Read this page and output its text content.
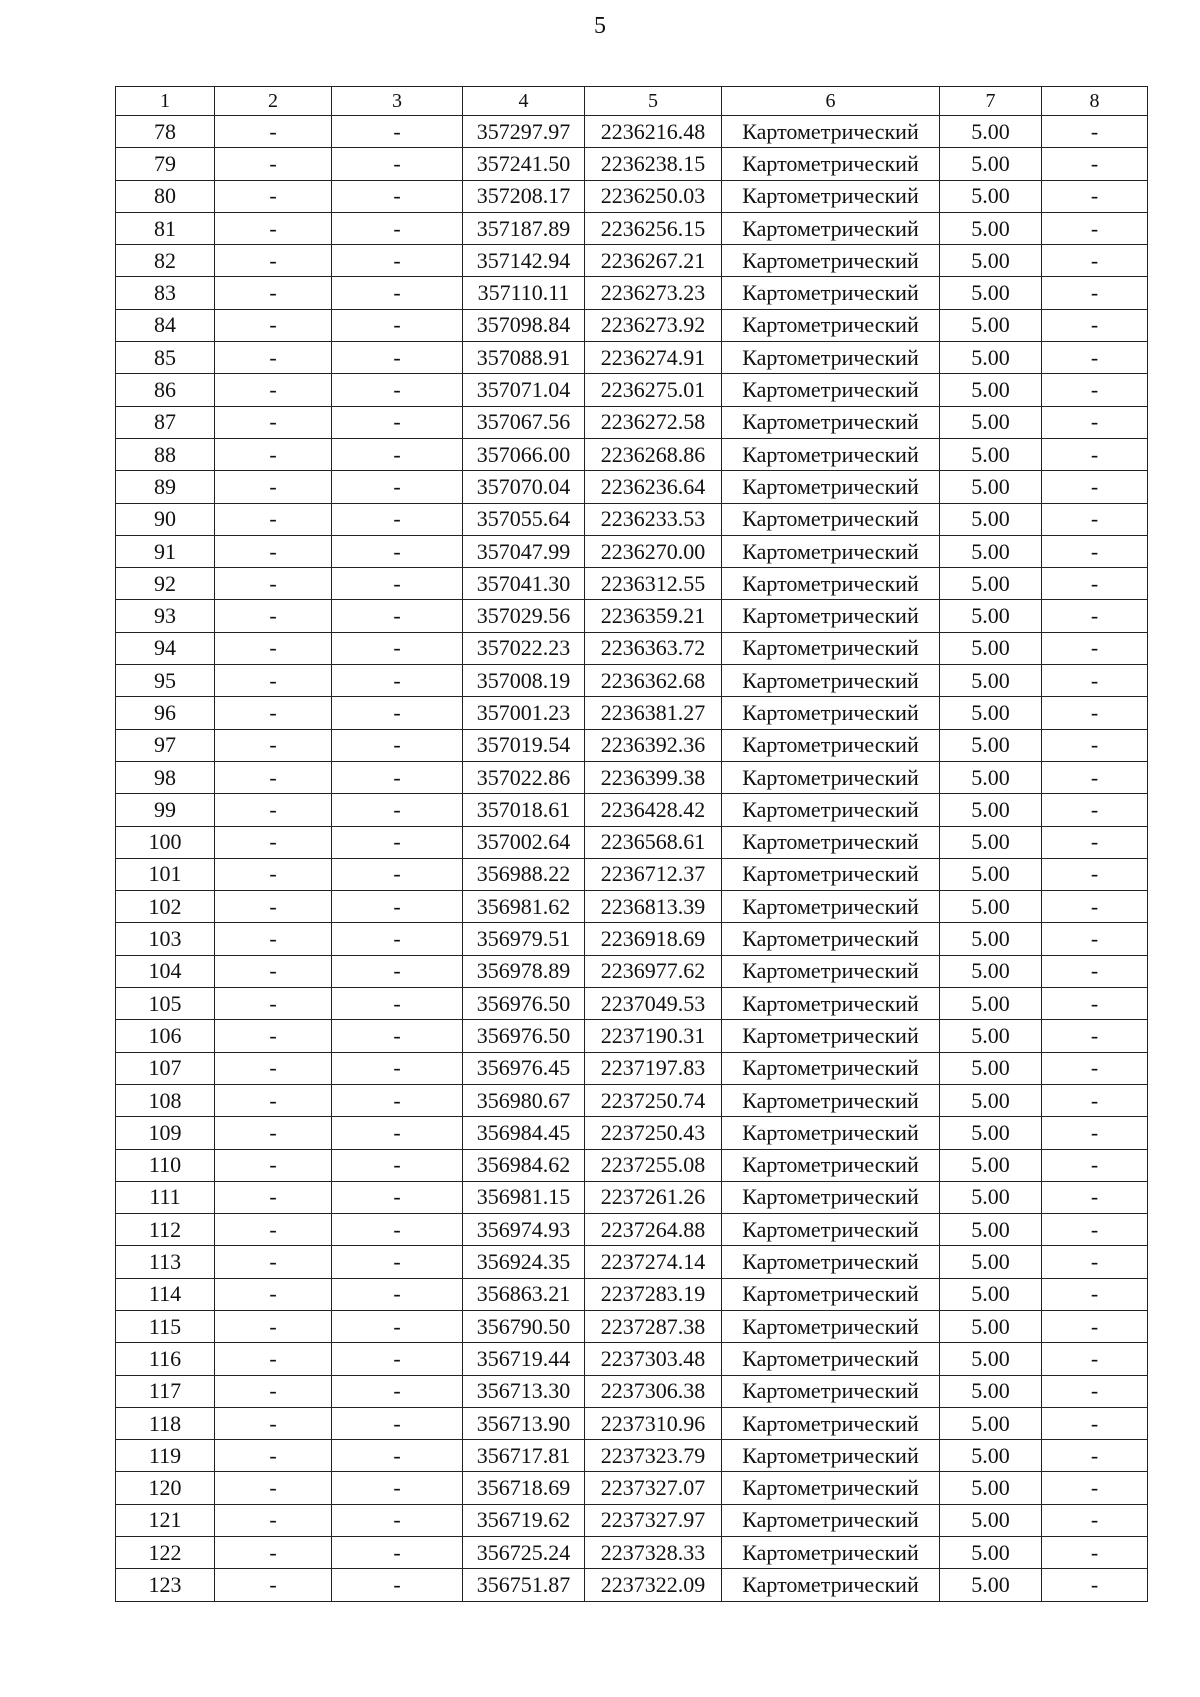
5
1	2	3	4	5	6	7	8
78	-	-	357297.97	2236216.48	Картометрический	5.00	-
79	-	-	357241.50	2236238.15	Картометрический	5.00	-
80	-	-	357208.17	2236250.03	Картометрический	5.00	-
81	-	-	357187.89	2236256.15	Картометрический	5.00	-
82	-	-	357142.94	2236267.21	Картометрический	5.00	-
83	-	-	357110.11	2236273.23	Картометрический	5.00	-
84	-	-	357098.84	2236273.92	Картометрический	5.00	-
85	-	-	357088.91	2236274.91	Картометрический	5.00	-
86	-	-	357071.04	2236275.01	Картометрический	5.00	-
87	-	-	357067.56	2236272.58	Картометрический	5.00	-
88	-	-	357066.00	2236268.86	Картометрический	5.00	-
89	-	-	357070.04	2236236.64	Картометрический	5.00	-
90	-	-	357055.64	2236233.53	Картометрический	5.00	-
91	-	-	357047.99	2236270.00	Картометрический	5.00	-
92	-	-	357041.30	2236312.55	Картометрический	5.00	-
93	-	-	357029.56	2236359.21	Картометрический	5.00	-
94	-	-	357022.23	2236363.72	Картометрический	5.00	-
95	-	-	357008.19	2236362.68	Картометрический	5.00	-
96	-	-	357001.23	2236381.27	Картометрический	5.00	-
97	-	-	357019.54	2236392.36	Картометрический	5.00	-
98	-	-	357022.86	2236399.38	Картометрический	5.00	-
99	-	-	357018.61	2236428.42	Картометрический	5.00	-
100	-	-	357002.64	2236568.61	Картометрический	5.00	-
101	-	-	356988.22	2236712.37	Картометрический	5.00	-
102	-	-	356981.62	2236813.39	Картометрический	5.00	-
103	-	-	356979.51	2236918.69	Картометрический	5.00	-
104	-	-	356978.89	2236977.62	Картометрический	5.00	-
105	-	-	356976.50	2237049.53	Картометрический	5.00	-
106	-	-	356976.50	2237190.31	Картометрический	5.00	-
107	-	-	356976.45	2237197.83	Картометрический	5.00	-
108	-	-	356980.67	2237250.74	Картометрический	5.00	-
109	-	-	356984.45	2237250.43	Картометрический	5.00	-
110	-	-	356984.62	2237255.08	Картометрический	5.00	-
111	-	-	356981.15	2237261.26	Картометрический	5.00	-
112	-	-	356974.93	2237264.88	Картометрический	5.00	-
113	-	-	356924.35	2237274.14	Картометрический	5.00	-
114	-	-	356863.21	2237283.19	Картометрический	5.00	-
115	-	-	356790.50	2237287.38	Картометрический	5.00	-
116	-	-	356719.44	2237303.48	Картометрический	5.00	-
117	-	-	356713.30	2237306.38	Картометрический	5.00	-
118	-	-	356713.90	2237310.96	Картометрический	5.00	-
119	-	-	356717.81	2237323.79	Картометрический	5.00	-
120	-	-	356718.69	2237327.07	Картометрический	5.00	-
121	-	-	356719.62	2237327.97	Картометрический	5.00	-
122	-	-	356725.24	2237328.33	Картометрический	5.00	-
123	-	-	356751.87	2237322.09	Картометрический	5.00	-
